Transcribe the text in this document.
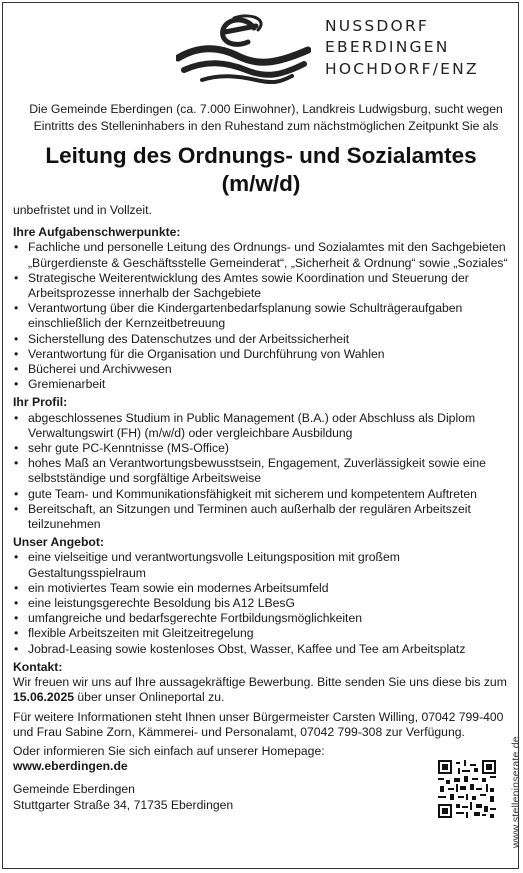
NUSSDORF
EBERDINGEN
HOCHDORF/ENZ
Die Gemeinde Eberdingen (ca. 7.000 Einwohner), Landkreis Ludwigsburg, sucht wegen Eintritts des Stelleninhabers in den Ruhestand zum nächstmöglichen Zeitpunkt Sie als
Leitung des Ordnungs- und Sozialamtes
(m/w/d)

unbefristet und in Vollzeit.

Ihre Aufgabenschwerpunkte:

• Fachliche und personelle Leitung des Ordnungs- und Sozialamtes mit den Sachgebieten „Bürgerdienste & Geschäftsstelle Gemeinderat“, „Sicherheit & Ordnung“ sowie „Soziales“
• Strategische Weiterentwicklung des Amtes sowie Koordination und Steuerung der Arbeitsprozesse innerhalb der Sachgebiete
• Verantwortung über die Kindergartenbedarfsplanung sowie Schulträgeraufgaben einschließlich der Kernzeitbetreuung
• Sicherstellung des Datenschutzes und der Arbeitssicherheit
• Verantwortung für die Organisation und Durchführung von Wahlen
• Bücherei und Archivwesen
• Gremienarbeit

Ihr Profil:

• abgeschlossenes Studium in Public Management (B.A.) oder Abschluss als Diplom Verwaltungswirt (FH) (m/w/d) oder vergleichbare Ausbildung
• sehr gute PC-Kenntnisse (MS-Office)
• hohes Maß an Verantwortungsbewusstsein, Engagement, Zuverlässigkeit sowie eine selbstständige und sorgfältige Arbeitsweise
• gute Team- und Kommunikationsfähigkeit mit sicherem und kompetentem Auftreten
• Bereitschaft, an Sitzungen und Terminen auch außerhalb der regulären Arbeitszeit teilzunehmen

Unser Angebot:

• eine vielseitige und verantwortungsvolle Leitungsposition mit großem Gestaltungsspielraum
• ein motiviertes Team sowie ein modernes Arbeitsumfeld
• eine leistungsgerechte Besoldung bis A12 LBesG
• umfangreiche und bedarfsgerechte Fortbildungsmöglichkeiten
• flexible Arbeitszeiten mit Gleitzeitregelung
• Jobrad-Leasing sowie kostenloses Obst, Wasser, Kaffee und Tee am Arbeitsplatz

Kontakt:

Wir freuen wir uns auf Ihre aussagekräftige Bewerbung. Bitte senden Sie uns diese bis zum 15.06.2025 über unser Onlineportal zu.

Für weitere Informationen steht Ihnen unser Bürgermeister Carsten Willing, 07042 799-400 und Frau Sabine Zorn, Kämmerei- und Personalamt, 07042 799-308 zur Verfügung.

Oder informieren Sie sich einfach auf unserer Homepage:

www.eberdingen.de

Gemeinde Eberdingen

Stuttgarter Straße 34, 71735 Eberdingen	www.stelleninserate.de
